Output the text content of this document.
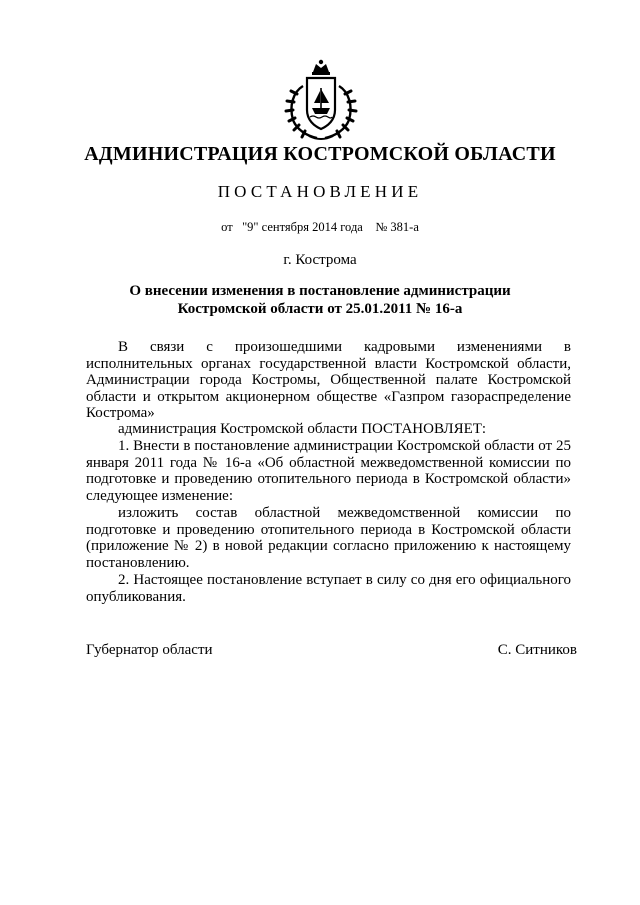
АДМИНИСТРАЦИЯ КОСТРОМСКОЙ ОБЛАСТИ
ПОСТАНОВЛЕНИЕ
от "9" сентября 2014 года № 381-а
г. Кострома
О внесении изменения в постановление администрации
Костромской области от 25.01.2011 № 16-а
В связи с произошедшими кадровыми изменениями в исполнительных органах государственной власти Костромской области, Администрации города Костромы, Общественной палате Костромской области и открытом акционерном обществе «Газпром газораспределение Кострома»
администрация Костромской области ПОСТАНОВЛЯЕТ:
1. Внести в постановление администрации Костромской области от 25 января 2011 года № 16-а «Об областной межведомственной комиссии по подготовке и проведению отопительного периода в Костромской области» следующее изменение:
изложить состав областной межведомственной комиссии по подготовке и проведению отопительного периода в Костромской области (приложение № 2) в новой редакции согласно приложению к настоящему постановлению.
2. Настоящее постановление вступает в силу со дня его официального опубликования.
Губернатор области	С. Ситников
